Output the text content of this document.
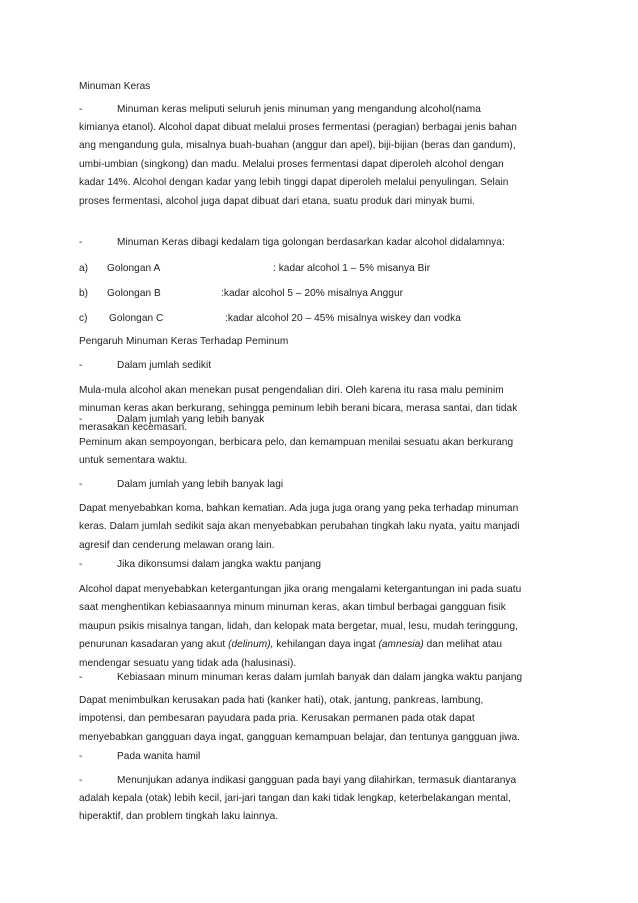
Minuman Keras
-	Minuman keras meliputi seluruh jenis minuman yang mengandung alcohol(nama
kimianya etanol). Alcohol dapat dibuat melalui proses fermentasi (peragian) berbagai jenis bahan
ang mengandung gula, misalnya buah-buahan (anggur dan apel), biji-bijian (beras dan gandum),
umbi-umbian (singkong) dan madu. Melalui proses fermentasi dapat diperoleh alcohol dengan
kadar 14%. Alcohol dengan kadar yang lebih tinggi dapat diperoleh melalui penyulingan. Selain
proses fermentasi, alcohol juga dapat dibuat dari etana, suatu produk dari minyak bumi.
-	Minuman Keras dibagi kedalam tiga golongan berdasarkan kadar alcohol didalamnya:
a) Golongan A	: kadar alcohol 1 – 5% misanya Bir
b) Golongan B	:kadar alcohol 5 – 20% misalnya Anggur
c) Golongan C	:kadar alcohol 20 – 45% misalnya wiskey dan vodka
Pengaruh Minuman Keras Terhadap Peminum
-	Dalam jumlah sedikit
Mula-mula alcohol akan menekan pusat pengendalian diri. Oleh karena itu rasa malu peminim
minuman keras akan berkurang, sehingga peminum lebih berani bicara, merasa santai, dan tidak
merasakan kecemasan.
-	Dalam jumlah yang lebih banyak
Peminum akan sempoyongan, berbicara pelo, dan kemampuan menilai sesuatu akan berkurang
untuk sementara waktu.
-	Dalam jumlah yang lebih banyak lagi
Dapat menyebabkan koma, bahkan kematian. Ada juga juga orang yang peka terhadap minuman
keras. Dalam jumlah sedikit saja akan menyebabkan perubahan tingkah laku nyata, yaitu manjadi
agresif dan cenderung melawan orang lain.
-	Jika dikonsumsi dalam jangka waktu panjang
Alcohol dapat menyebabkan ketergantungan jika orang mengalami ketergantungan ini pada suatu
saat menghentikan kebiasaannya minum minuman keras, akan timbul berbagai gangguan fisik
maupun psikis misalnya tangan, lidah, dan kelopak mata bergetar, mual, lesu, mudah teringgung,
penurunan kasadaran yang akut (delinum), kehilangan daya ingat (amnesia) dan melihat atau
mendengar sesuatu yang tidak ada (halusinasi).
-	Kebiasaan minum minuman keras dalam jumlah banyak dan dalam jangka waktu panjang
Dapat menimbulkan kerusakan pada hati (kanker hati), otak, jantung, pankreas, lambung,
impotensi, dan pembesaran payudara pada pria. Kerusakan permanen pada otak dapat
menyebabkan gangguan daya ingat, gangguan kemampuan belajar, dan tentunya gangguan jiwa.
-	Pada wanita hamil
-	Menunjukan adanya indikasi gangguan pada bayi yang dilahirkan, termasuk diantaranya
adalah kepala (otak) lebih kecil, jari-jari tangan dan kaki tidak lengkap, keterbelakangan mental,
hiperaktif, dan problem tingkah laku lainnya.
